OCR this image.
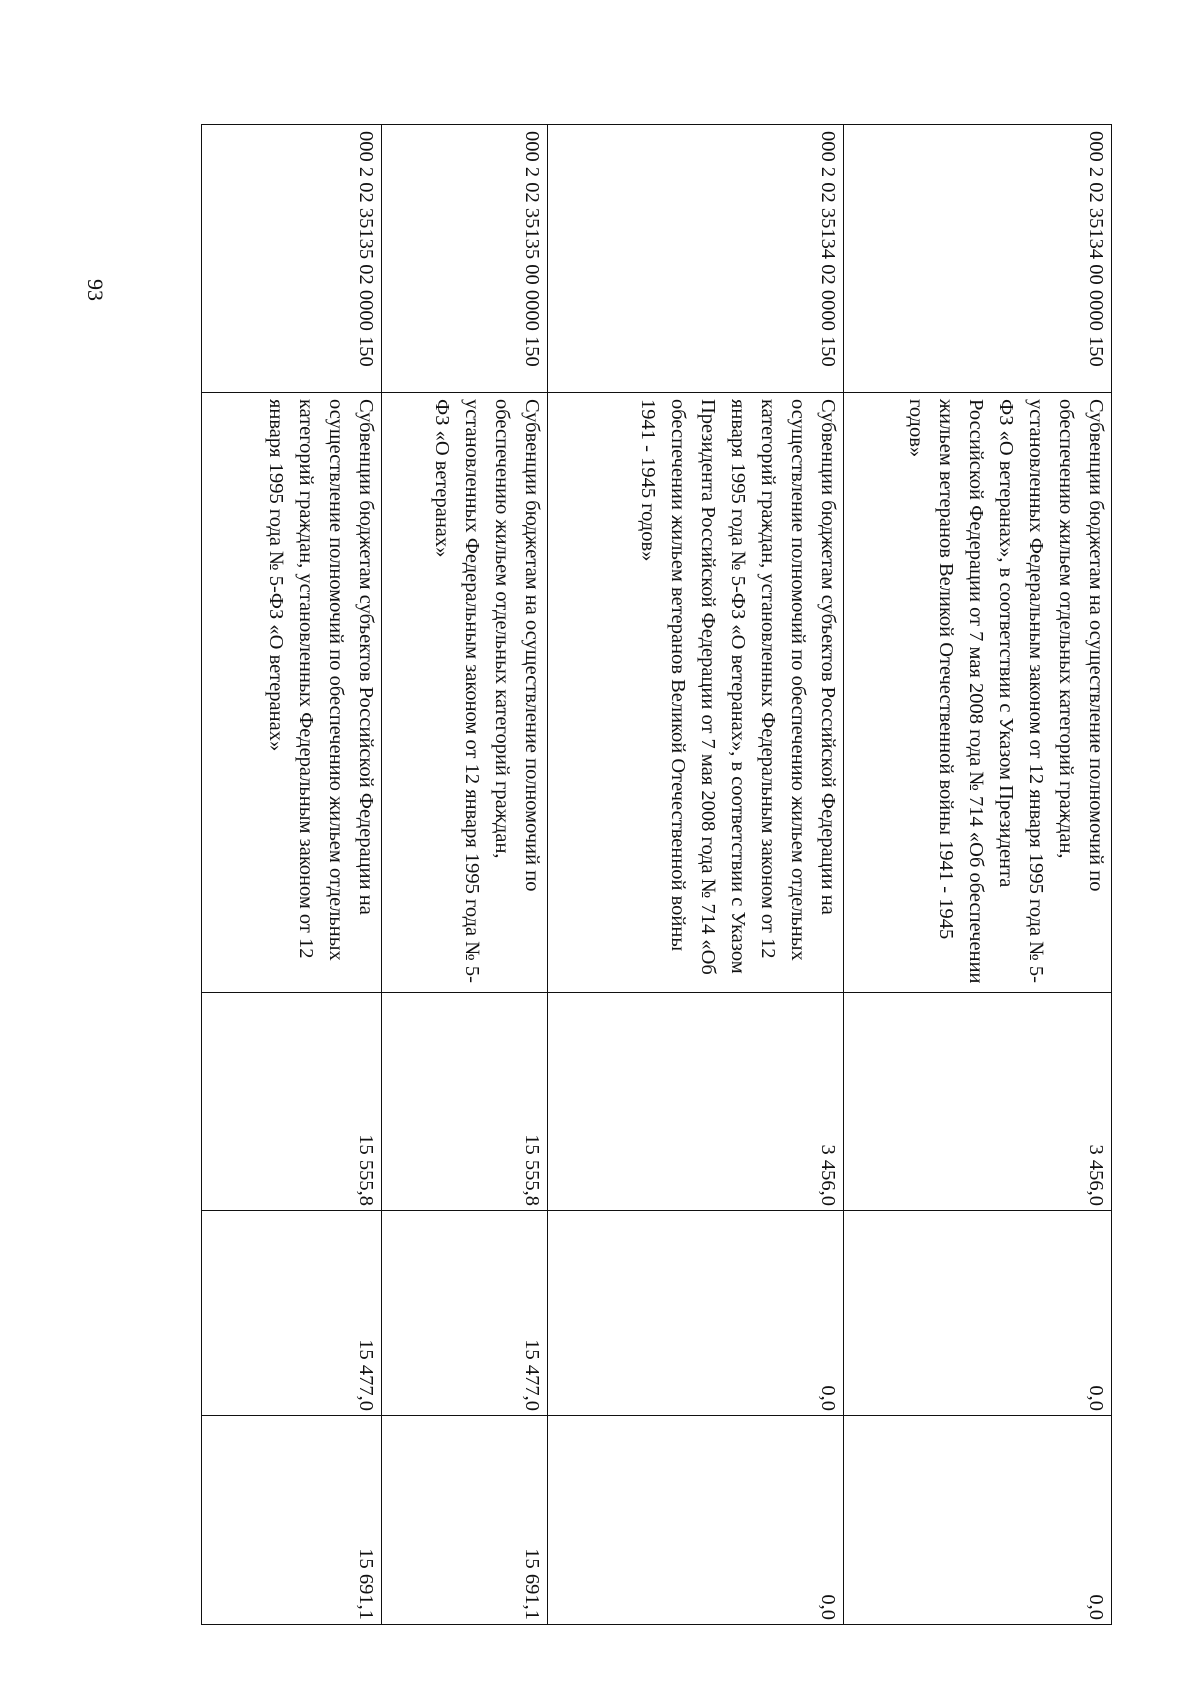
93	000 2 02 35134 00 0000 150	Субвенции бюджетам на осуществление полномочий по обеспечению жильем отдельных категорий граждан, установленных Федеральным законом от 12 января 1995 года № 5-ФЗ «О ветеранах», в соответствии с Указом Президента Российской Федерации от 7 мая 2008 года № 714 «Об обеспечении жильем ветеранов Великой Отечественной войны 1941 - 1945 годов»	3 456,0	0,0	0,0
000 2 02 35134 02 0000 150	Субвенции бюджетам субъектов Российской Федерации на осуществление полномочий по обеспечению жильем отдельных категорий граждан, установленных Федеральным законом от 12 января 1995 года № 5-ФЗ «О ветеранах», в соответствии с Указом Президента Российской Федерации от 7 мая 2008 года № 714 «Об обеспечении жильем ветеранов Великой Отечественной войны 1941 - 1945 годов»	3 456,0	0,0	0,0
000 2 02 35135 00 0000 150	Субвенции бюджетам на осуществление полномочий по обеспечению жильем отдельных категорий граждан, установленных Федеральным законом от 12 января 1995 года № 5-ФЗ «О ветеранах»	15 555,8	15 477,0	15 691,1
000 2 02 35135 02 0000 150	Субвенции бюджетам субъектов Российской Федерации на осуществление полномочий по обеспечению жильем отдельных категорий граждан, установленных Федеральным законом от 12 января 1995 года № 5-ФЗ «О ветеранах»	15 555,8	15 477,0	15 691,1
